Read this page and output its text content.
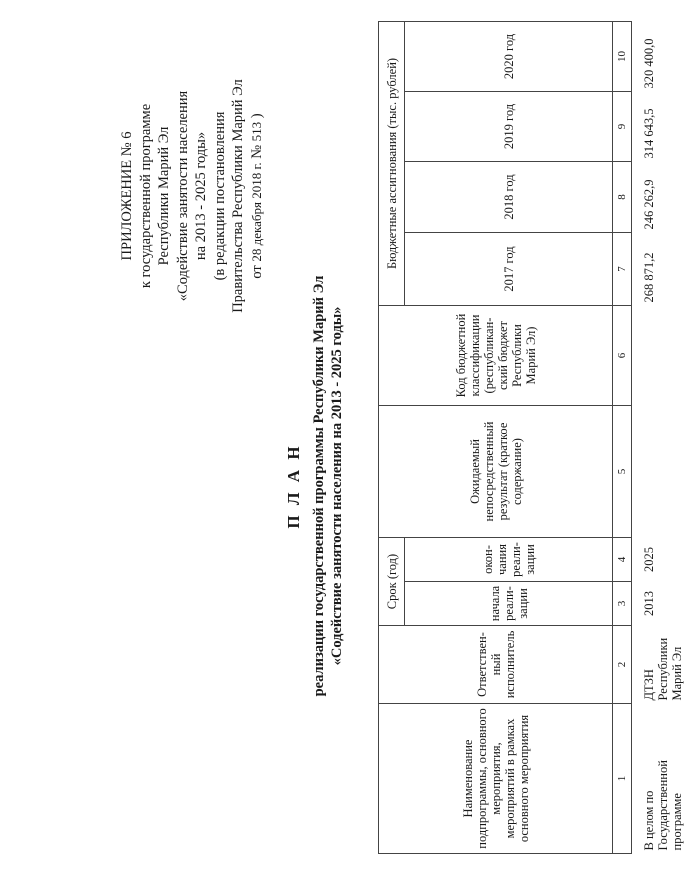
ПРИЛОЖЕНИЕ № 6 к государственной программе Республики Марий Эл «Содействие занятости населения на 2013 - 2025 годы» (в редакции постановления Правительства Республики Марий Эл от 28 декабря 2018 г. № 513 )
П Л А Н реализации государственной программы Республики Марий Эл «Содействие занятости населения на 2013 - 2025 годы»
Наименование подпрограммы, основного мероприятия, мероприятий в рамках основного мероприятия	Ответствен-ный исполнитель	Срок (год)		Ожидаемый непосредственный результат (краткое содержание)	Код бюджетной классификации (республикан-ский бюджет Республики Марий Эл)	Бюджетные ассигнования (тыс. рублей)			
		начала реали-зации	окон-чания реали-зации			2017 год	2018 год	2019 год	2020 год

1	2	3	4	5	6	7	8	9	10
В целом по Государственной программе	ДТЗН Республики Марий Эл	2013	2025			268 871,2	246 262,9	314 643,5	320 400,0
